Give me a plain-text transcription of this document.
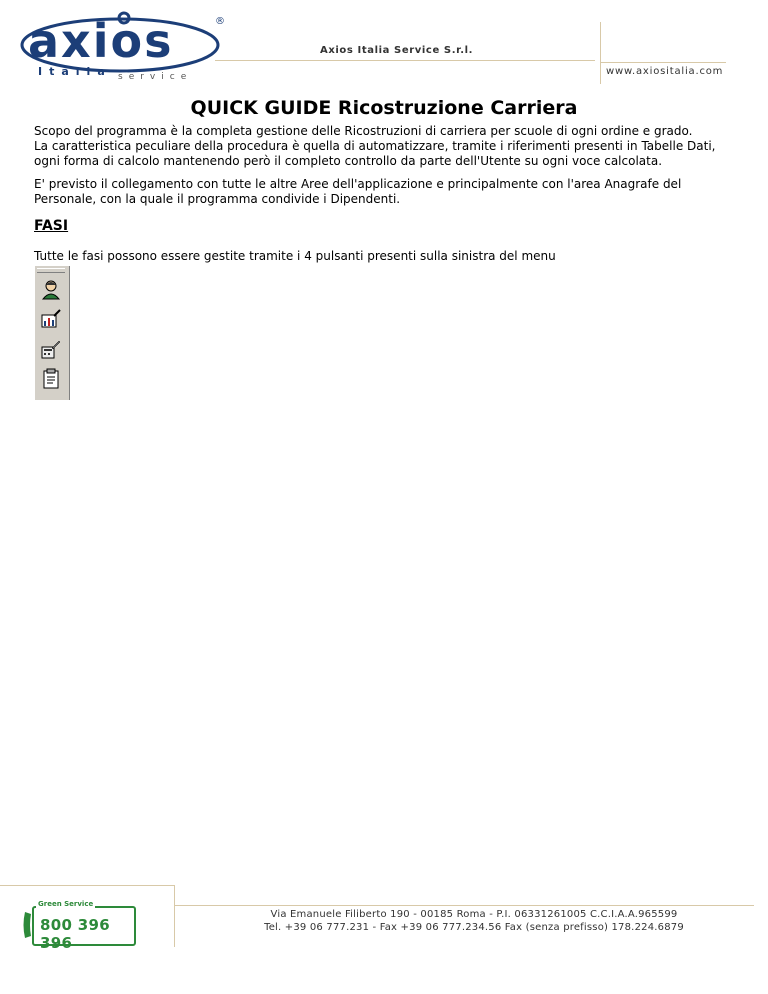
axios	®
Italia service
Axios Italia Service S.r.l.
www.axiositalia.com
QUICK GUIDE Ricostruzione Carriera
Scopo del programma è la completa gestione delle Ricostruzioni di carriera per scuole di ogni ordine e grado.
La caratteristica peculiare della procedura è quella di automatizzare, tramite i riferimenti presenti in Tabelle Dati, ogni forma di calcolo mantenendo però il completo controllo da parte dell'Utente su ogni voce calcolata.
E' previsto il collegamento con tutte le altre Aree dell'applicazione e principalmente con l'area Anagrafe del Personale, con la quale il programma condivide i Dipendenti.
FASI
Tutte le fasi possono essere gestite tramite i 4 pulsanti presenti sulla sinistra del menu
Green Service
800 396 396
Via Emanuele Filiberto 190 - 00185 Roma - P.I. 06331261005 C.C.I.A.A.965599
Tel. +39 06 777.231 - Fax +39 06 777.234.56 Fax (senza prefisso) 178.224.6879
